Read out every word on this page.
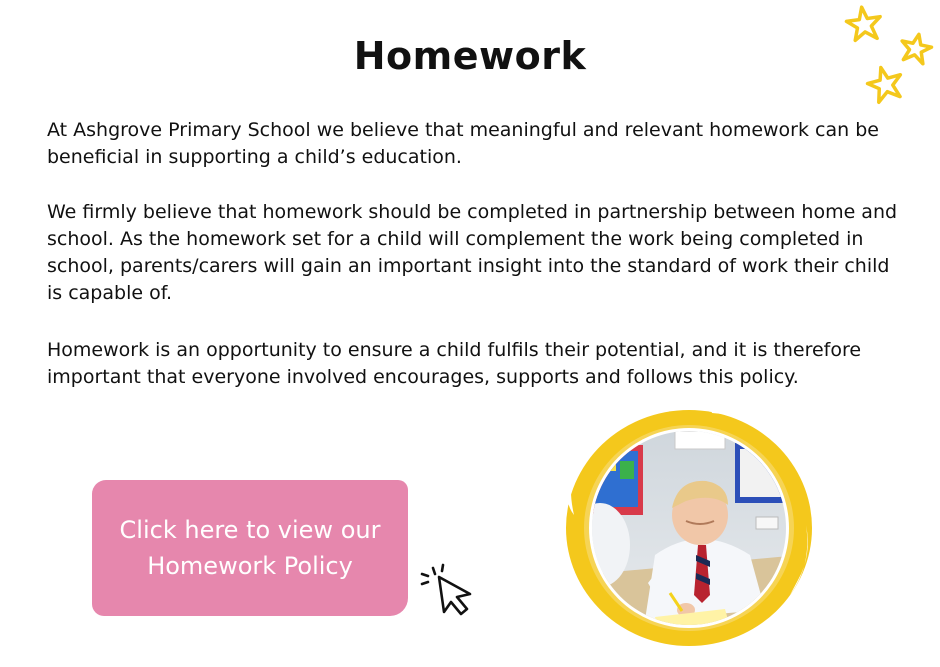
Homework

At Ashgrove Primary School we believe that meaningful and relevant homework can be beneficial in supporting a child’s education.

We firmly believe that homework should be completed in partnership between home and school. As the homework set for a child will complement the work being completed in school, parents/carers will gain an important insight into the standard of work their child is capable of.

Homework is an opportunity to ensure a child fulfils their potential, and it is therefore important that everyone involved encourages, supports and follows this policy.

Click here to view our
Homework Policy
